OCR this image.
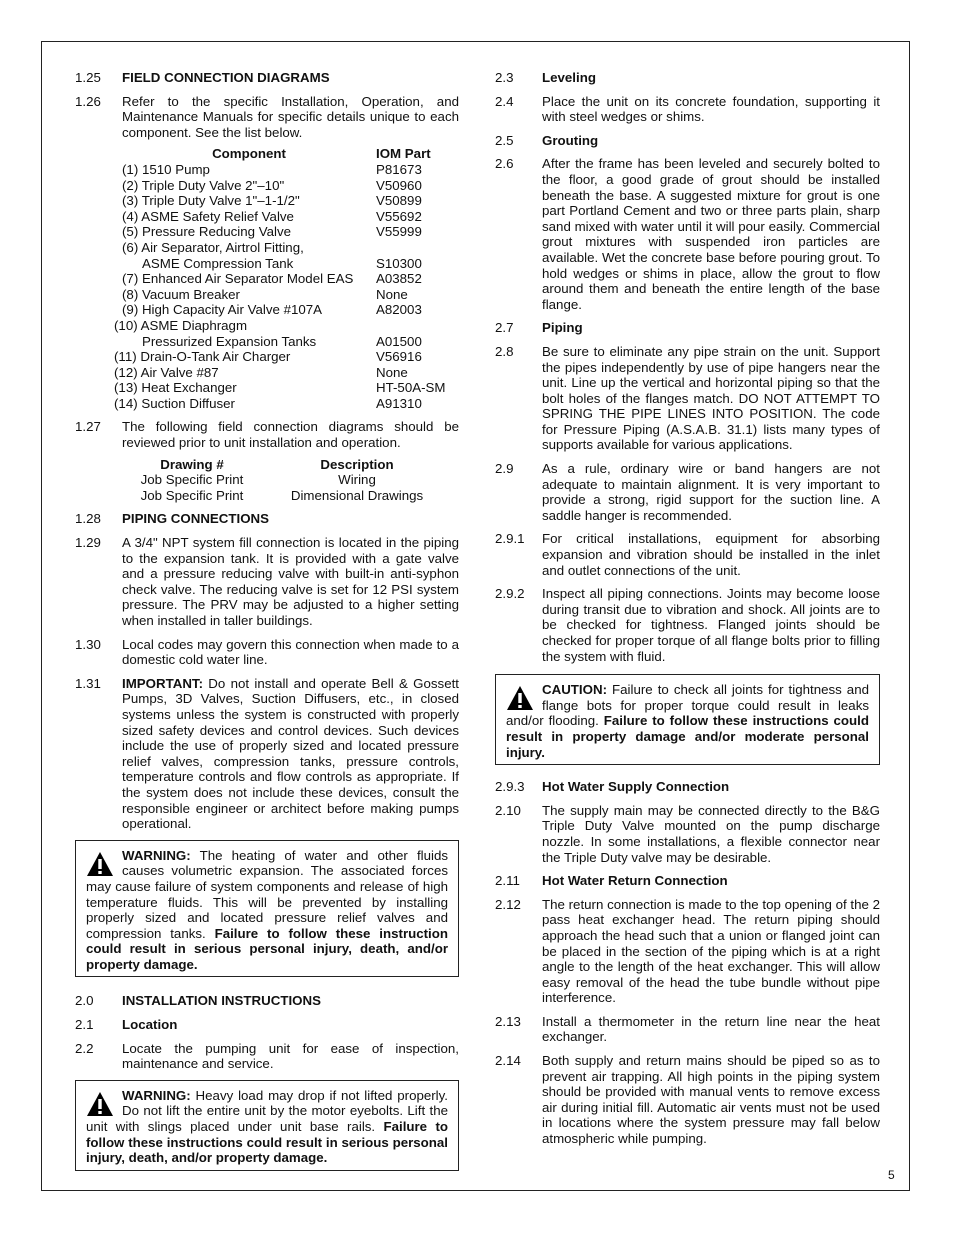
1.25	FIELD CONNECTION DIAGRAMS
1.26	Refer to the specific Installation, Operation, and Maintenance Manuals for specific details unique to each component. See the list below.
Component	IOM Part
(1) 1510 Pump	P81673
(2) Triple Duty Valve 2"–10"	V50960
(3) Triple Duty Valve 1"–1-1/2"	V50899
(4) ASME Safety Relief Valve	V55692
(5) Pressure Reducing Valve	V55999
(6) Air Separator, Airtrol Fitting,
ASME Compression Tank	S10300
(7) Enhanced Air Separator Model EAS	A03852
(8) Vacuum Breaker	None
(9) High Capacity Air Valve #107A	A82003
(10) ASME Diaphragm
Pressurized Expansion Tanks	A01500
(11) Drain-O-Tank Air Charger	V56916
(12) Air Valve #87	None
(13) Heat Exchanger	HT-50A-SM
(14) Suction Diffuser	A91310
1.27	The following field connection diagrams should be reviewed prior to unit installation and operation.
Drawing #	Description
Job Specific Print	Wiring
Job Specific Print	Dimensional Drawings
1.28	PIPING CONNECTIONS
1.29	A 3/4" NPT system fill connection is located in the piping to the expansion tank. It is provided with a gate valve and a pressure reducing valve with built-in anti-syphon check valve. The reducing valve is set for 12 PSI system pressure. The PRV may be adjusted to a higher setting when installed in taller buildings.
1.30	Local codes may govern this connection when made to a domestic cold water line.
1.31	IMPORTANT: Do not install and operate Bell & Gossett Pumps, 3D Valves, Suction Diffusers, etc., in closed systems unless the system is constructed with properly sized safety devices and control devices. Such devices include the use of properly sized and located pressure relief valves, compression tanks, pressure controls, temperature controls and flow controls as appropriate. If the system does not include these devices, consult the responsible engineer or architect before making pumps operational.
WARNING: The heating of water and other fluids causes volumetric expansion. The associated forces may cause failure of system components and release of high temperature fluids. This will be prevented by installing properly sized and located pressure relief valves and compression tanks. Failure to follow these instruction could result in serious personal injury, death, and/or property damage.
2.0	INSTALLATION INSTRUCTIONS
2.1	Location
2.2	Locate the pumping unit for ease of inspection, maintenance and service.
WARNING: Heavy load may drop if not lifted properly. Do not lift the entire unit by the motor eyebolts. Lift the unit with slings placed under unit base rails. Failure to follow these instructions could result in serious personal injury, death, and/or property damage.
2.3	Leveling
2.4	Place the unit on its concrete foundation, supporting it with steel wedges or shims.
2.5	Grouting
2.6	After the frame has been leveled and securely bolted to the floor, a good grade of grout should be installed beneath the base. A suggested mixture for grout is one part Portland Cement and two or three parts plain, sharp sand mixed with water until it will pour easily. Commercial grout mixtures with suspended iron particles are available. Wet the concrete base before pouring grout. To hold wedges or shims in place, allow the grout to flow around them and beneath the entire length of the base flange.
2.7	Piping
2.8	Be sure to eliminate any pipe strain on the unit. Support the pipes independently by use of pipe hangers near the unit. Line up the vertical and horizontal piping so that the bolt holes of the flanges match. DO NOT ATTEMPT TO SPRING THE PIPE LINES INTO POSITION. The code for Pressure Piping (A.S.A.B. 31.1) lists many types of supports available for various applications.
2.9	As a rule, ordinary wire or band hangers are not adequate to maintain alignment. It is very important to provide a strong, rigid support for the suction line. A saddle hanger is recommended.
2.9.1	For critical installations, equipment for absorbing expansion and vibration should be installed in the inlet and outlet connections of the unit.
2.9.2	Inspect all piping connections. Joints may become loose during transit due to vibration and shock. All joints are to be checked for tightness. Flanged joints should be checked for proper torque of all flange bolts prior to filling the system with fluid.
CAUTION: Failure to check all joints for tightness and flange bots for proper torque could result in leaks and/or flooding. Failure to follow these instructions could result in property damage and/or moderate personal injury.
2.9.3	Hot Water Supply Connection
2.10	The supply main may be connected directly to the B&G Triple Duty Valve mounted on the pump discharge nozzle. In some installations, a flexible connector near the Triple Duty valve may be desirable.
2.11	Hot Water Return Connection
2.12	The return connection is made to the top opening of the 2 pass heat exchanger head. The return piping should approach the head such that a union or flanged joint can be placed in the section of the piping which is at a right angle to the length of the heat exchanger. This will allow easy removal of the head the tube bundle without pipe interference.
2.13	Install a thermometer in the return line near the heat exchanger.
2.14	Both supply and return mains should be piped so as to prevent air trapping. All high points in the piping system should be provided with manual vents to remove excess air during initial fill. Automatic air vents must not be used in locations where the system pressure may fall below atmospheric while pumping.
5
